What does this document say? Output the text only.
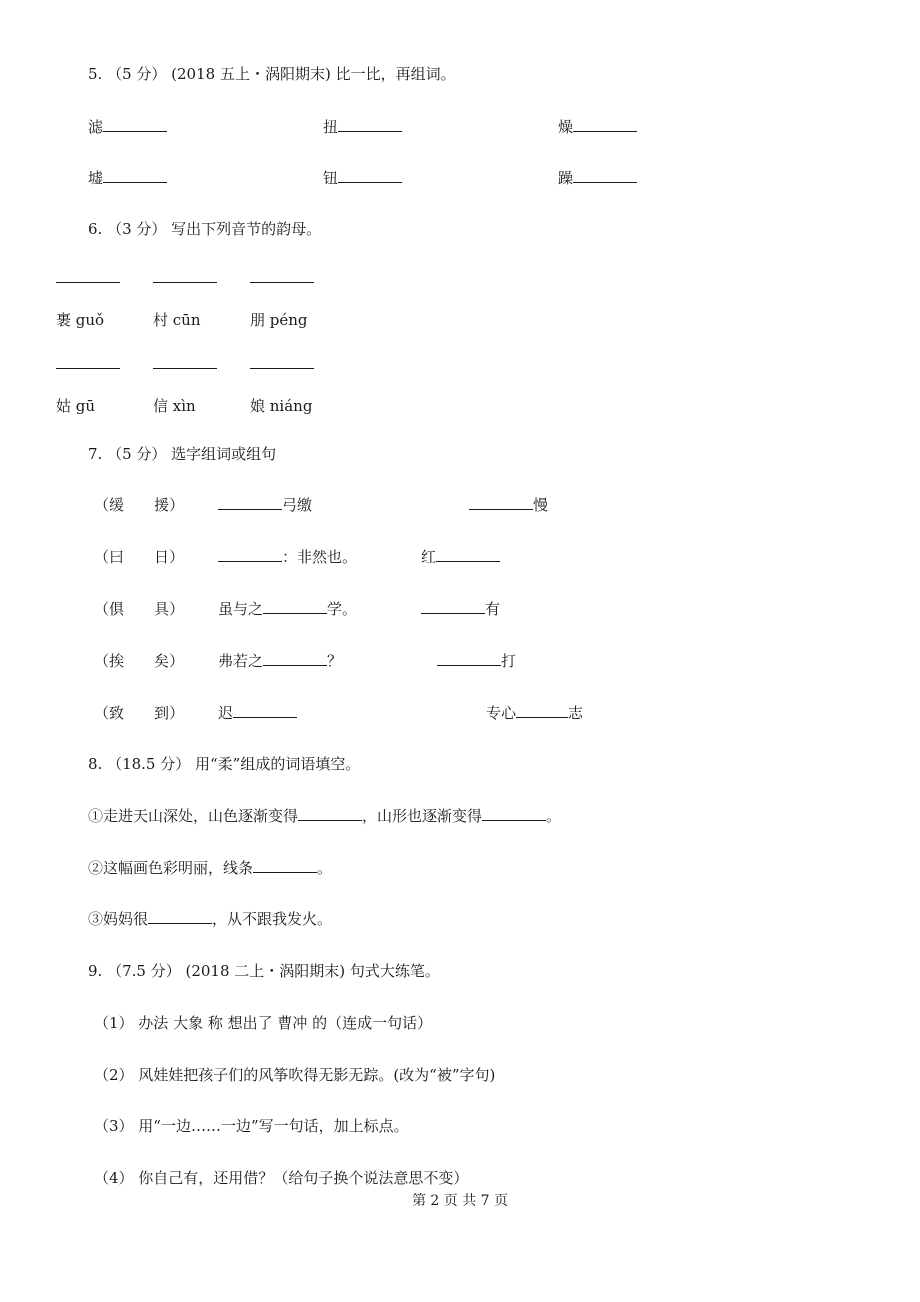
5. （5 分） (2018 五上・涡阳期末) 比一比，再组词。
滤	扭	燥
墟	钮	躁
6. （3 分） 写出下列音节的韵母。
裹 guǒ	村 cūn	朋 péng
姑 gū	信 xìn	娘 niáng
7. （5 分） 选字组词或组句
（缓　　 援）	弓缴	慢
（曰　　 日）	：非然也。	红
（俱　　 具） 虽与之	学。	有
（挨　　 矣） 弗若之	？	打
（致　　 到） 迟	专心	志
8. （18.5 分） 用“柔”组成的词语填空。
①走进天山深处，山色逐渐变得	，山形也逐渐变得	。
②这幅画色彩明丽，线条	。
③妈妈很	，从不跟我发火。
9. （7.5 分） (2018 二上・涡阳期末) 句式大练笔。
（1） 办法 大象 称 想出了 曹冲 的（连成一句话）
（2） 风娃娃把孩子们的风筝吹得无影无踪。(改为“被”字句)
（3） 用“一边……一边”写一句话，加上标点。
（4） 你自己有，还用借？（给句子换个说法意思不变）
第 2 页 共 7 页
